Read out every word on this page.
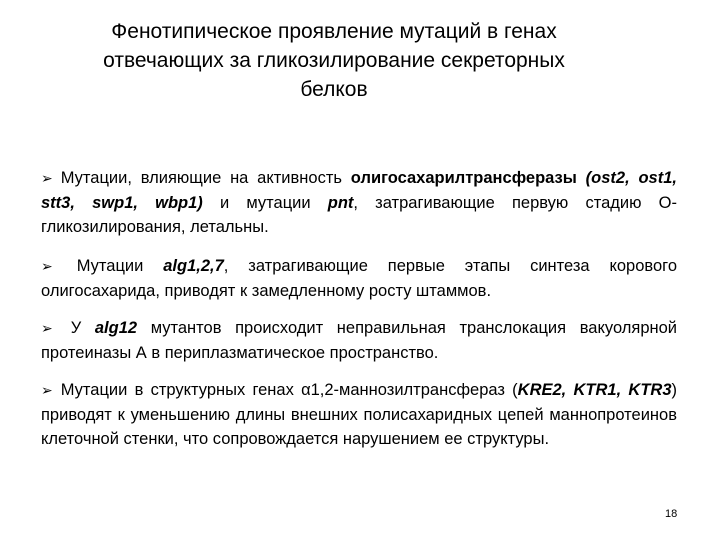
Фенотипическое проявление мутаций в генах
отвечающих за гликозилирование секреторных
белков

➢ Мутации, влияющие на активность олигосахарилтрансферазы (ost2, ost1, stt3, swp1, wbp1) и мутации pnt, затрагивающие первую стадию О-гликозилирования, летальны.

➢ Мутации alg1,2,7, затрагивающие первые этапы синтеза корового олигосахарида, приводят к замедленному росту штаммов.

➢ У alg12 мутантов происходит неправильная транслокация вакуолярной протеиназы А в периплазматическое пространство.

➢ Мутации в структурных генах α1,2-маннозилтрансфераз (KRE2, KTR1, KTR3) приводят к уменьшению длины внешних полисахаридных цепей маннопротеинов клеточной стенки, что сопровождается нарушением ее структуры.

18
